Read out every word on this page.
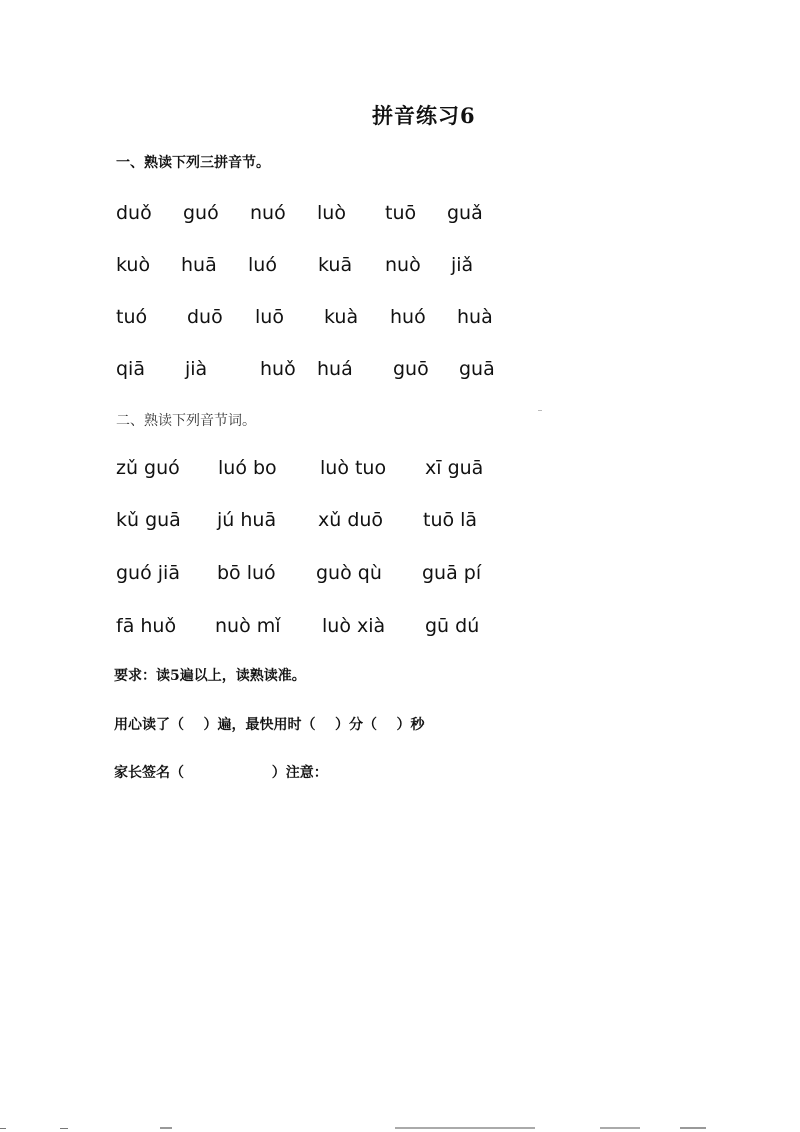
拼音练习6
一、熟读下列三拼音节。
duǒ guó nuó luò tuō guǎ
kuò huā luó kuā nuò jiǎ
tuó duō luō kuà huó huà
qiā jià	huǒ huá guō guā
二、熟读下列音节词。
zǔ guó luó bo luò tuo xī guā
kǔ guā jú huā xǔ duō tuō lā
guó jiā bō luó guò qù guā pí
fā huǒ nuò mǐ luò xià gū dú
要求：读5遍以上，读熟读准。
用心读了（    ）遍，最快用时（    ）分（    ）秒
家长签名（                  ）注意：
